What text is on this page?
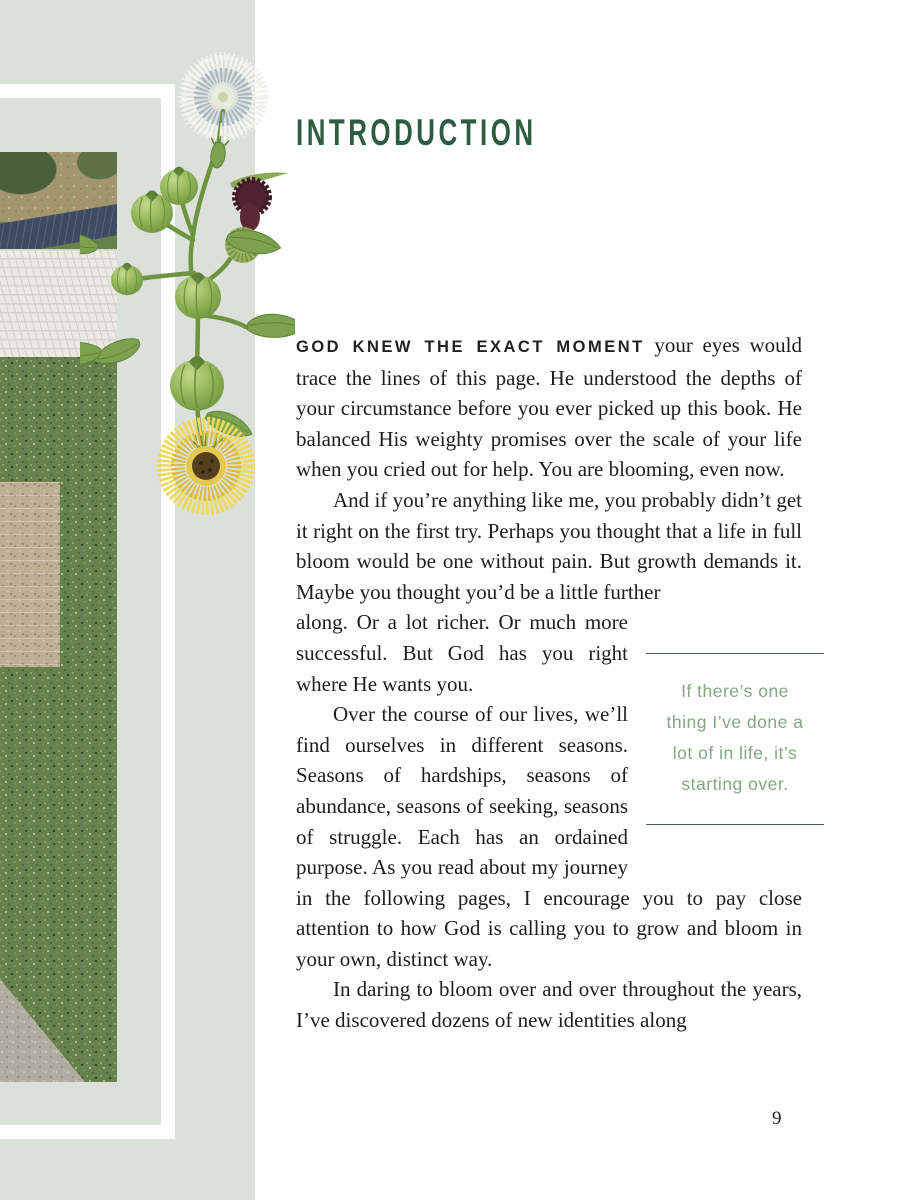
INTRODUCTION

GOD KNEW THE EXACT MOMENT your eyes would trace the lines of this page. He understood the depths of your circumstance before you ever picked up this book. He balanced His weighty promises over the scale of your life when you cried out for help. You are blooming, even now.

And if you’re anything like me, you probably didn’t get it right on the first try. Perhaps you thought that a life in full bloom would be one without pain. But growth demands it. Maybe you thought you’d be a little further

If there’s one
thing I’ve done a
lot of in life, it’s
starting over.

along. Or a lot richer. Or much more successful. But God has you right where He wants you.

Over the course of our lives, we’ll find ourselves in different seasons. Seasons of hardships, seasons of abundance, seasons of seeking, seasons of struggle. Each has an ordained purpose. As you read about my journey in the following pages, I encourage you to pay close attention to how God is calling you to grow and bloom in your own, distinct way.

In daring to bloom over and over throughout the years, I’ve discovered dozens of new identities along

9
